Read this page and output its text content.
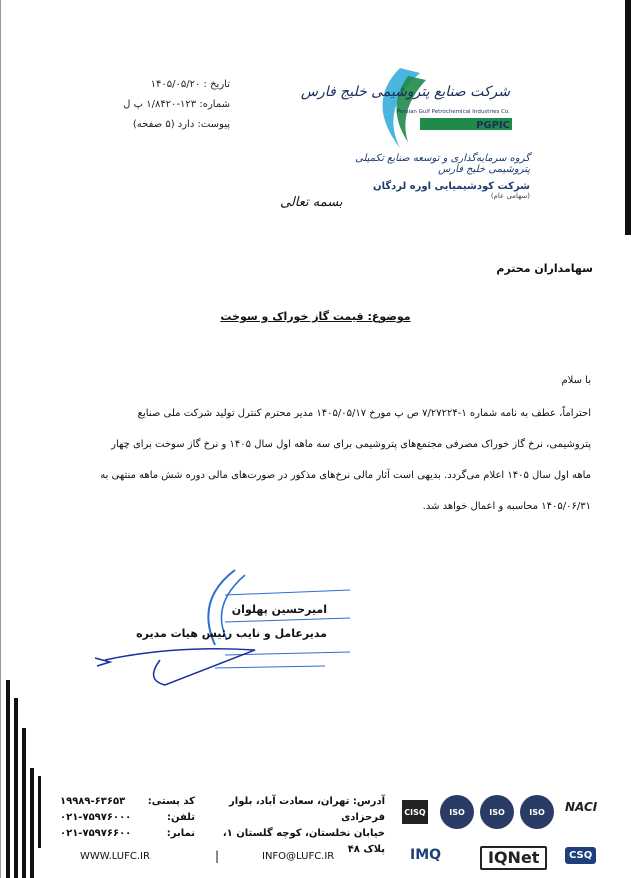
تاریخ : ۱۴۰۵/۰۵/۲۰
شماره: ۱۲۳-۱/۸۴۲۰ پ ل
پیوست: دارد (۵ صفحه)
شرکت صنایع پتروشیمی خلیج فارس
Persian Gulf Petrochemical Industries Co.
PGPIC
گروه سرمایه‌گذاری و توسعه صنایع تکمیلی پتروشیمی خلیج فارس
شرکت کودشیمیایی اوره لردگان
(سهامی عام)
بسمه تعالی
سهامداران محترم
موضوع: قیمت گاز خوراک و سوخت
با سلام

احتراماً، عطف به نامه شماره ۱-۷/۲۷۲۲۴ ص پ مورخ ۱۴۰۵/۰۵/۱۷ مدیر محترم کنترل تولید شرکت ملی صنایع

پتروشیمی، نرخ گاز خوراک مصرفی مجتمع‌های پتروشیمی برای سه ماهه اول سال ۱۴۰۵ و نرخ گاز سوخت برای چهار

ماهه اول سال ۱۴۰۵ اعلام می‌گردد. بدیهی است آثار مالی نرخ‌های مذکور در صورت‌های مالی دوره شش ماهه منتهی به

۱۴۰۵/۰۶/۳۱ محاسبه و اعمال خواهد شد.

امیرحسین پهلوان
مدیرعامل و نایب رئیس هیات مدیره
کد پستی:
۱۹۹۸۹-۶۳۶۵۳
تلفن:
۰۲۱-۷۵۹۷۶۰۰۰
نمابر:
۰۲۱-۷۵۹۷۶۶۰۰
آدرس: تهران، سعادت آباد، بلوار فرحزادی
خیابان نخلستان، کوچه گلستان ۱، پلاک ۴۸
WWW.LUFC.IR	|	INFO@LUFC.IR
CISQ	ISO	ISO	ISO	NACI
IMQ	IQNet	CSQ
